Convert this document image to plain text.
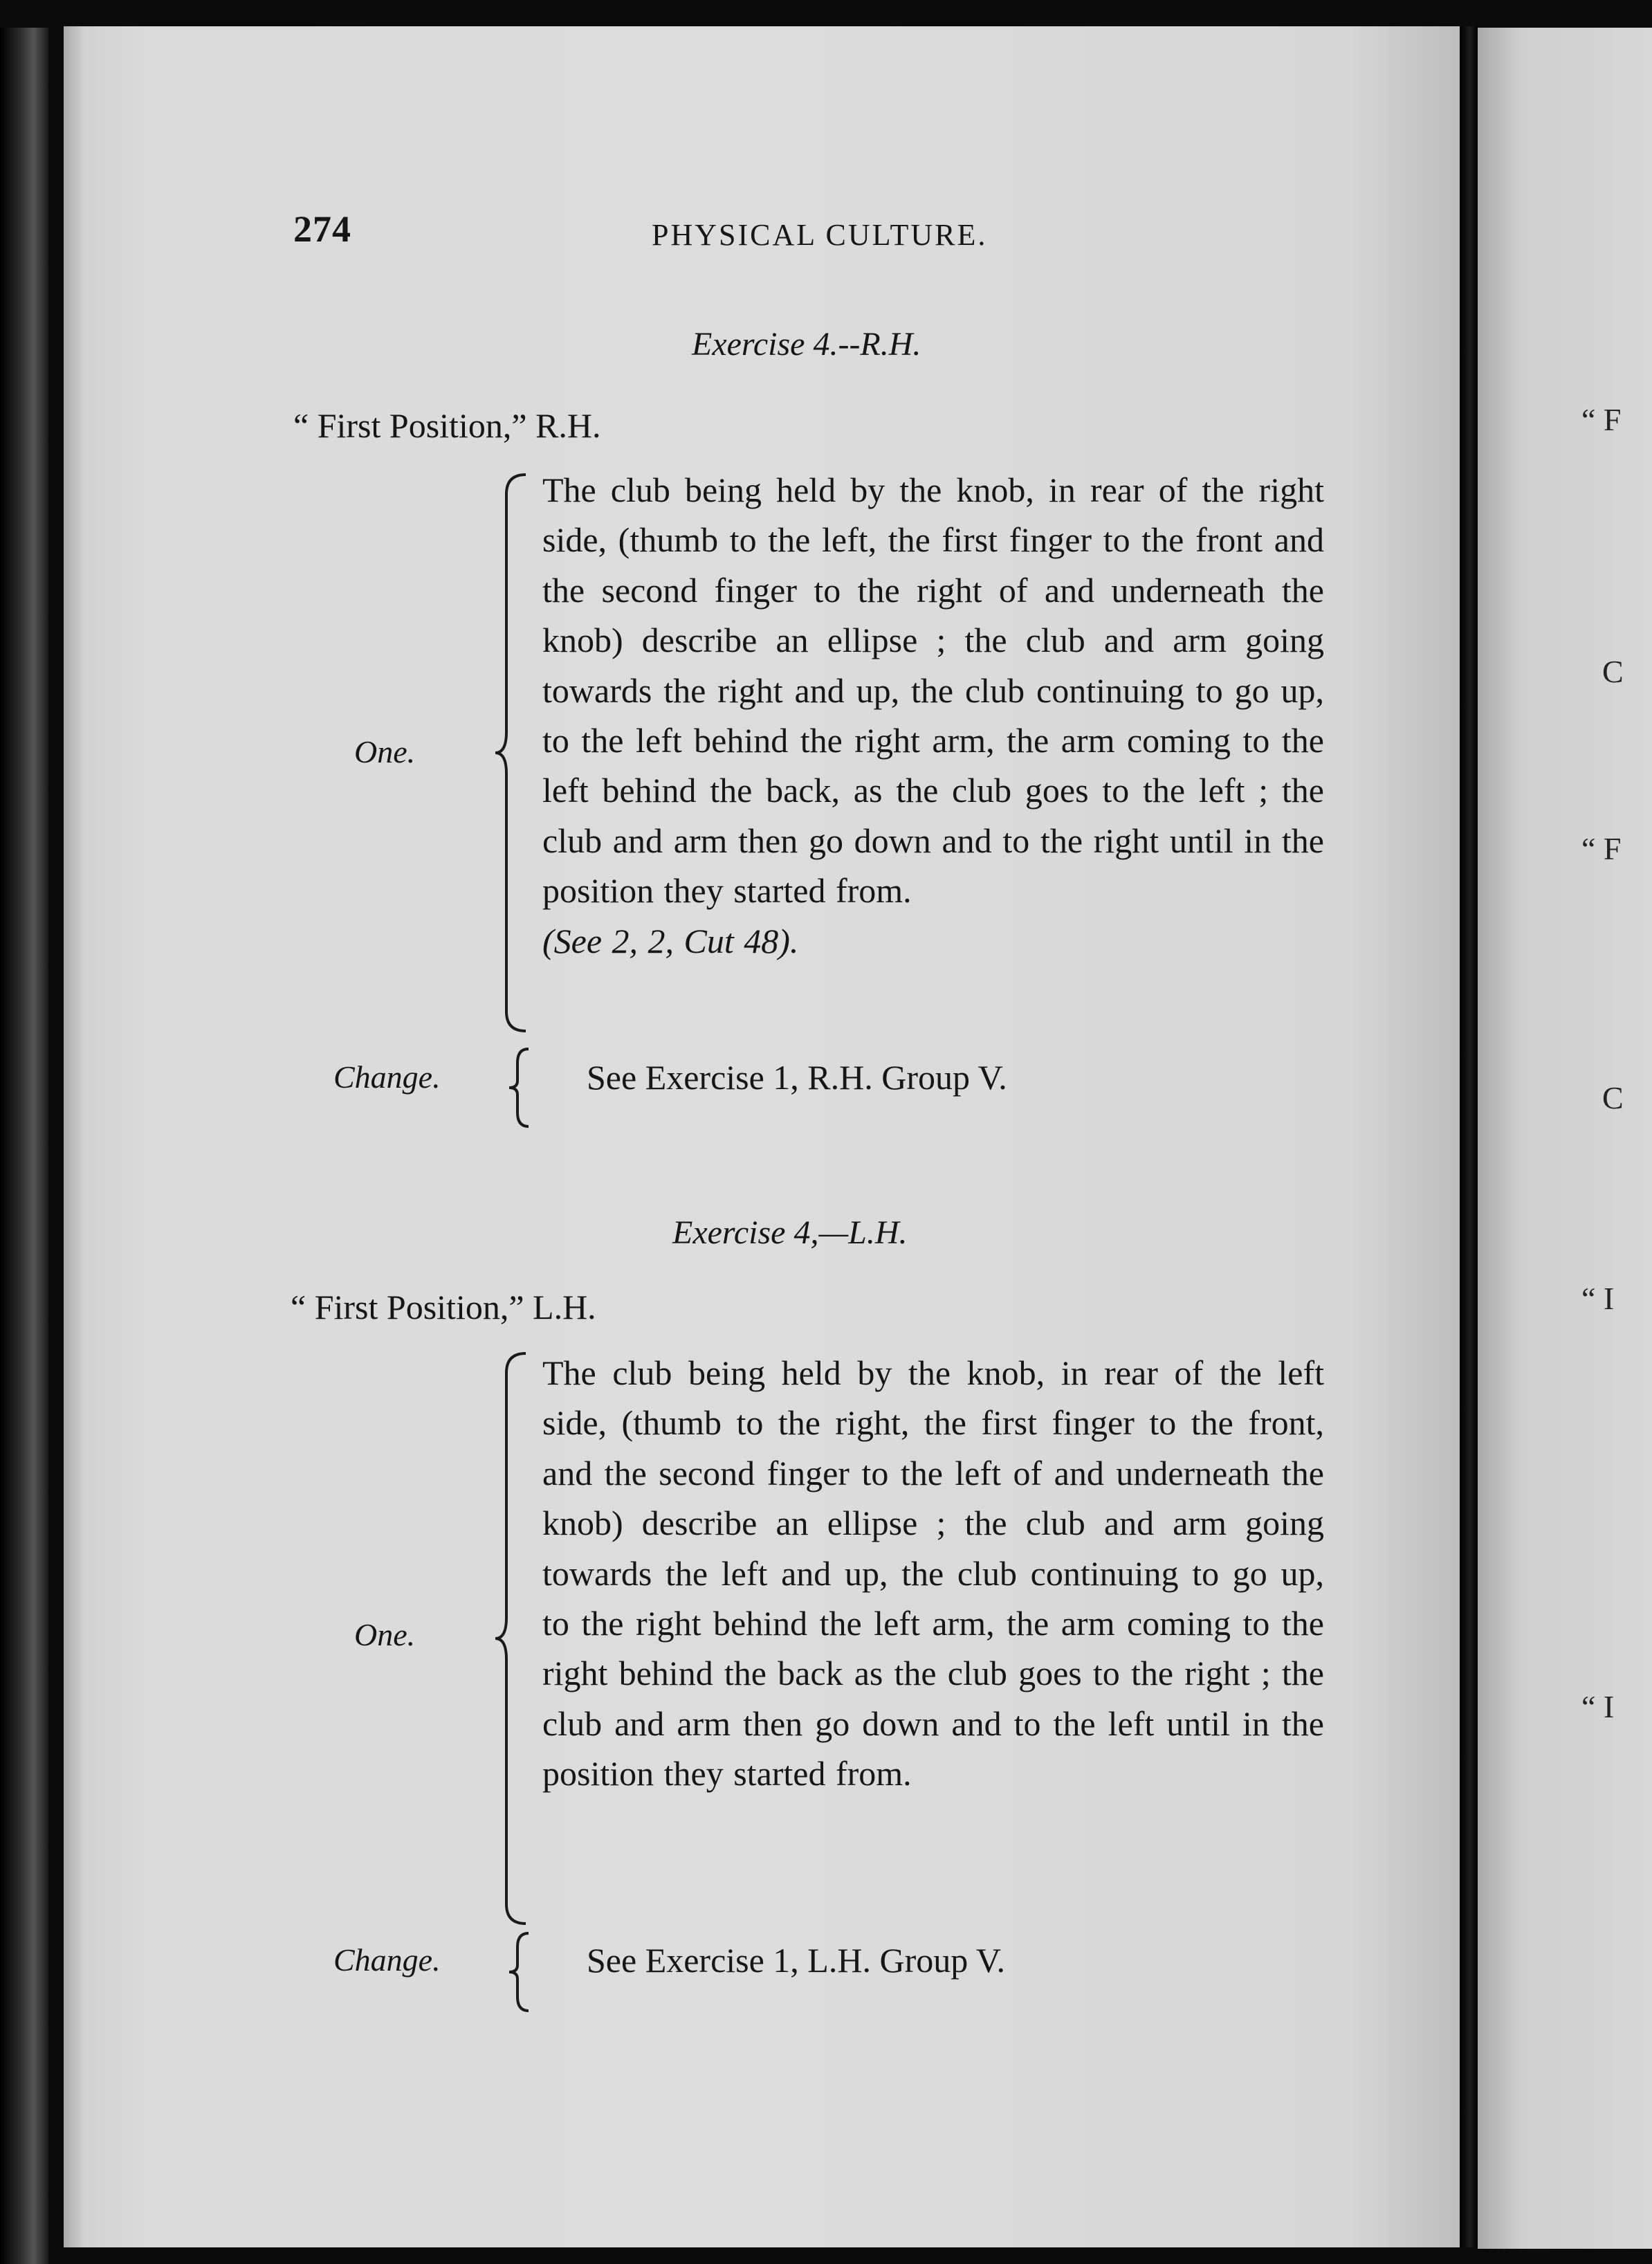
274	PHYSICAL CULTURE.
Exercise 4.--R.H.
“ First Position,” R.H.
One.
The club being held by the knob, in rear of the right side, (thumb to the left, the first finger to the front and the second finger to the right of and underneath the knob) describe an ellipse ; the club and arm going towards the right and up, the club continuing to go up, to the left behind the right arm, the arm coming to the left behind the back, as the club goes to the left ; the club and arm then go down and to the right until in the position they started from.
(See 2, 2, Cut 48).
Change.	See Exercise 1, R.H. Group V.
Exercise 4,—L.H.
“ First Position,” L.H.
One.
The club being held by the knob, in rear of the left side, (thumb to the right, the first finger to the front, and the second finger to the left of and underneath the knob) describe an ellipse ; the club and arm going towards the left and up, the club continuing to go up, to the right behind the left arm, the arm coming to the right behind the back as the club goes to the right ; the club and arm then go down and to the left until in the position they started from.
Change.	See Exercise 1, L.H. Group V.
“ F
C
“ F
C
“ I
“ I
